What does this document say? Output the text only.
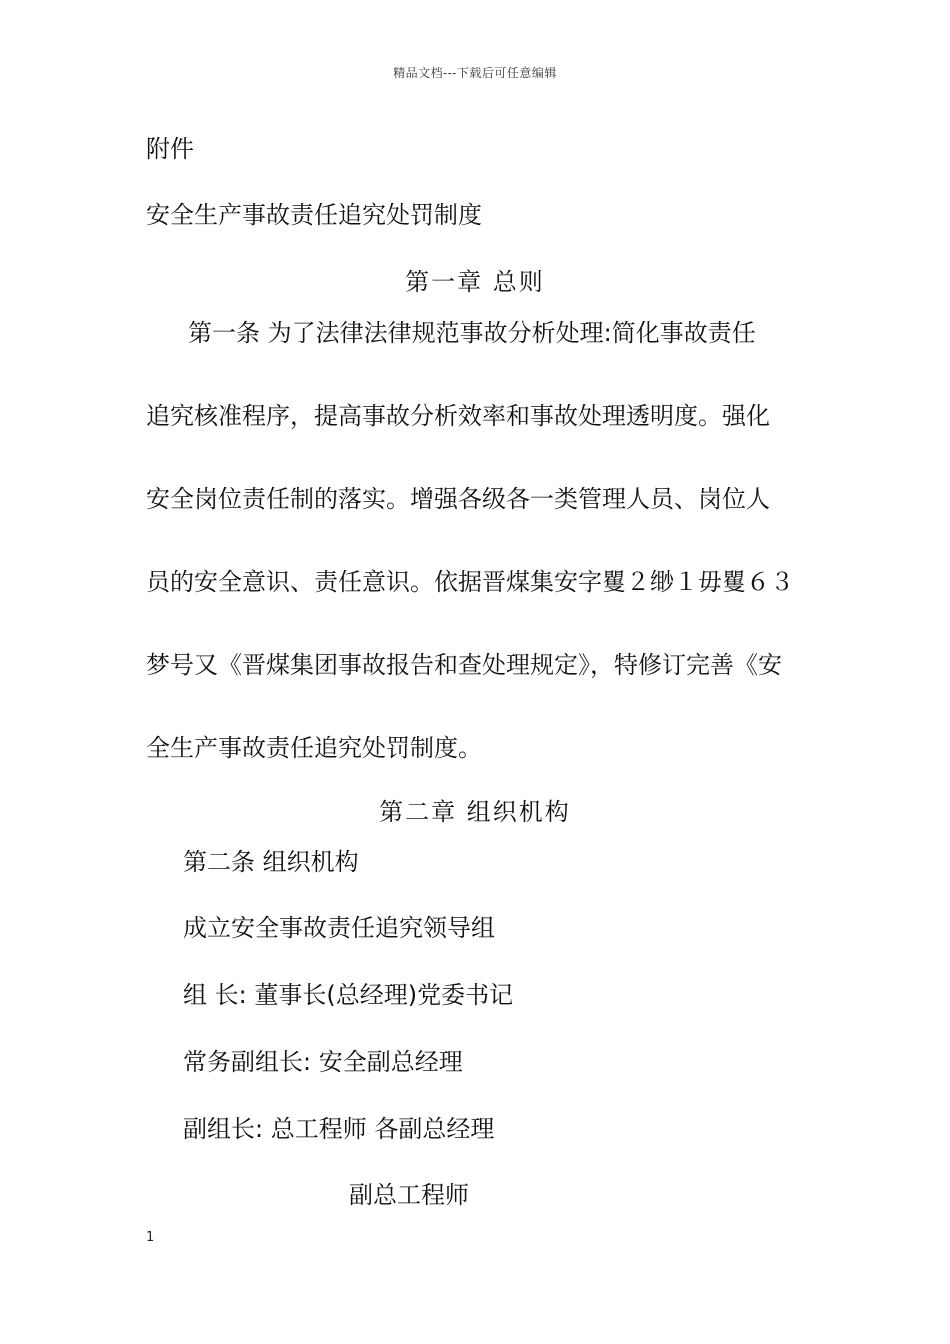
精品文档---下载后可任意编辑
附件
安全生产事故责任追究处罚制度
第一章 总则
第一条 为了法律法律规范事故分析处理:简化事故责任
追究核准程序，提高事故分析效率和事故处理透明度。强化
安全岗位责任制的落实。增强各级各一类管理人员、岗位人
员的安全意识、责任意识。依据晋煤集安字矍２缈１毋矍６３
梦号又《晋煤集团事故报告和查处理规定》，特修订完善《安
全生产事故责任追究处罚制度。
第二章 组织机构
第二条 组织机构
成立安全事故责任追究领导组
组 长: 董事长(总经理)党委书记
常务副组长: 安全副总经理
副组长: 总工程师 各副总经理
副总工程师
1
